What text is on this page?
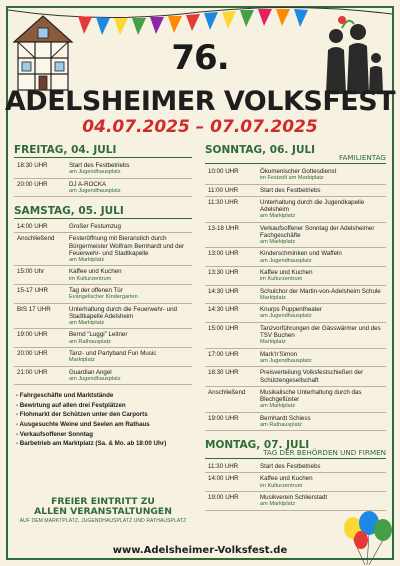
76.
ADELSHEIMER VOLKSFEST
04.07.2025 – 07.07.2025
FREITAG, 04. JULI
18:30 UHR	Start des Festbetriebs
am Jugendhausplatz
20:00 UHR	DJ A-ROCKA
am Jugendhausplatz
SAMSTAG, 05. JULI
14:00 UHR	Großer Festumzug
Anschließend	Festeröffnung mit Bieranstich durch Bürgermeister Wolfram Bernhardt und der Feuerwehr- und Stadtkapelle
am Marktplatz
15:00 Uhr	Kaffee und Kuchen
im Kulturzentrum
15-17 UHR	Tag der offenen Tür
Evangelischer Kindergarten
BIS 17 UHR	Unterhaltung durch die Feuerwehr- und Stadtkapelle Adelsheim
am Marktplatz
19:00 UHR	Bernd "Luggi" Leitner
am Rathausplatz
20:00 UHR	Tanz- und Partyband Fun Music
Marktplatz
21:00 UHR	Guardian Angel
am Jugendhausplatz
- Fahrgeschäfte und Marktstände
- Bewirtung auf allen drei Festplätzen
- Flohmarkt der Schützen unter den Carports
- Ausgesuchte Weine und Seelen am Rathaus
- Verkaufsoffener Sonntag
- Barbetrieb am Marktplatz (Sa. & Mo. ab 18:00 Uhr)
FREIER EINTRITT ZU
ALLEN VERANSTALTUNGEN
AUF DEM MARKTPLATZ, JUGENDHAUSPLATZ UND RATHAUSPLATZ
SONNTAG, 06. JULI
FAMILIENTAG
10:00 UHR	Ökumenischer Gottesdienst
im Festzelt am Marktplatz
11:00 UHR	Start des Festbetriebs
11:30 UHR	Unterhaltung durch die Jugendkapelle Adelsheim
am Marktplatz
13-18 UHR	Verkaufsoffener Sonntag der Adelsheimer Fachgeschäfte
am Marktplatz
13:00 UHR	Kinderschminken und Waffeln
am Jugendhausplatz
13:30 UHR	Kaffee und Kuchen
im Kulturzentrum
14:30 UHR	Schulchor der Martin-von-Adelsheim Schule
Marktplatz
14:30 UHR	Knurps Puppentheater
am Jugendhausplatz
15:00 UHR	Tanzvorführungen der Gässwärmer und des TSV Buchen
Marktplatz
17:00 UHR	Mark'n'Simon
am Jugendhausplatz
18:30 UHR	Preisverteilung Volksfestschießen der Schützengesellschaft
Anschließend	Musikalische Unterhaltung durch das Blechgeflüster
am Marktplatz
19:00 UHR	Bernhardt Schiess
am Rathausplatz
MONTAG, 07. JULI
TAG DER BEHÖRDEN UND FIRMEN
11:30 UHR	Start des Festbetriebs
14:00 UHR	Kaffee und Kuchen
im Kulturzentrum
19:00 UHR	Musikverein Schlierstadt
am Marktplatz
www.Adelsheimer-Volksfest.de
